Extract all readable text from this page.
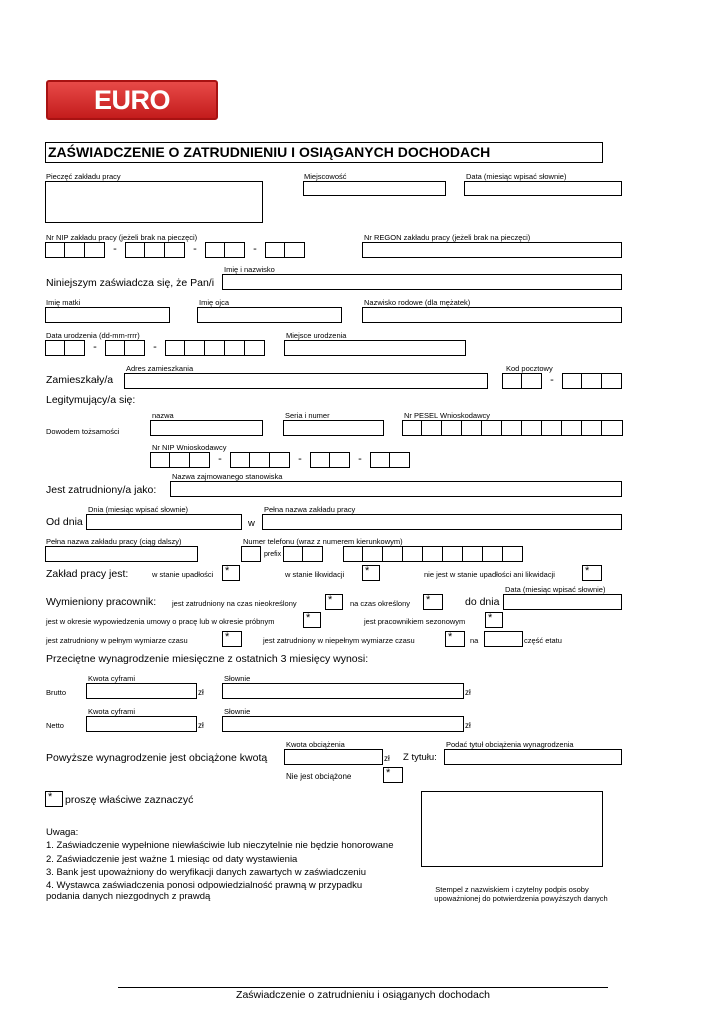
EURO MONEY
ZAŚWIADCZENIE O ZATRUDNIENIU I OSIĄGANYCH DOCHODACH
Pieczęć zakładu pracy	Miejscowość	Data (miesiąc wpisać słownie)
Nr NIP zakładu pracy (jeżeli brak na pieczęci)
-	-	-
Nr REGON zakładu pracy (jeżeli brak na pieczęci)
Imię i nazwisko
Niniejszym zaświadcza się, że Pan/i
Imię matki	Imię ojca	Nazwisko rodowe (dla mężatek)
Data urodzenia (dd-mm-rrrr)
-	-
Miejsce urodzenia
Adres zamieszkania	Kod pocztowy
Zamieszkały/a	-
Legitymujący/a się:
nazwa	Seria i numer	Nr PESEL Wnioskodawcy
Dowodem tożsamości
Nr NIP Wnioskodawcy
-	-	-
Nazwa zajmowanego stanowiska
Jest zatrudniony/a jako:
Dnia (miesiąc wpisać słownie)	Pełna nazwa zakładu pracy
Od dnia	w
Pełna nazwa zakładu pracy (ciąg dalszy)	Numer telefonu (wraz z numerem kierunkowym)
prefix
Zakład pracy jest:	w stanie upadłości *	w stanie likwidacji *	nie jest w stanie upadłości ani likwidacji	*
Data (miesiąc wpisać słownie)
Wymieniony pracownik: jest zatrudniony na czas nieokreślony	*	na czas określony *	do dnia
jest w okresie wypowiedzenia umowy o pracę lub w okresie próbnym	*	jest pracownikiem sezonowym *
jest zatrudniony w pełnym wymiarze czasu	*	jest zatrudniony w niepełnym wymiarze czasu	*	na	część etatu
Przeciętne wynagrodzenie miesięczne z ostatnich 3 miesięcy wynosi:
Kwota cyframi	Słownie
Brutto	zł	zł
Kwota cyframi	Słownie
Netto	zł	zł
Kwota obciążenia	Podać tytuł obciążenia wynagrodzenia
Powyższe wynagrodzenie jest obciążone kwotą	zł Z tytułu:
Nie jest obciążone	*
*	proszę właściwe zaznaczyć
Stempel z nazwiskiem i czytelny podpis osoby
upoważnionej do potwierdzenia powyższych danych
Uwaga:
1. Zaświadczenie wypełnione niewłaściwie lub nieczytelnie nie będzie honorowane
2. Zaświadczenie jest ważne 1 miesiąc od daty wystawienia
3. Bank jest upoważniony do weryfikacji danych zawartych w zaświadczeniu
4. Wystawca zaświadczenia ponosi odpowiedzialność prawną w przypadku
podania danych niezgodnych z prawdą
Zaświadczenie o zatrudnieniu i osiąganych dochodach
